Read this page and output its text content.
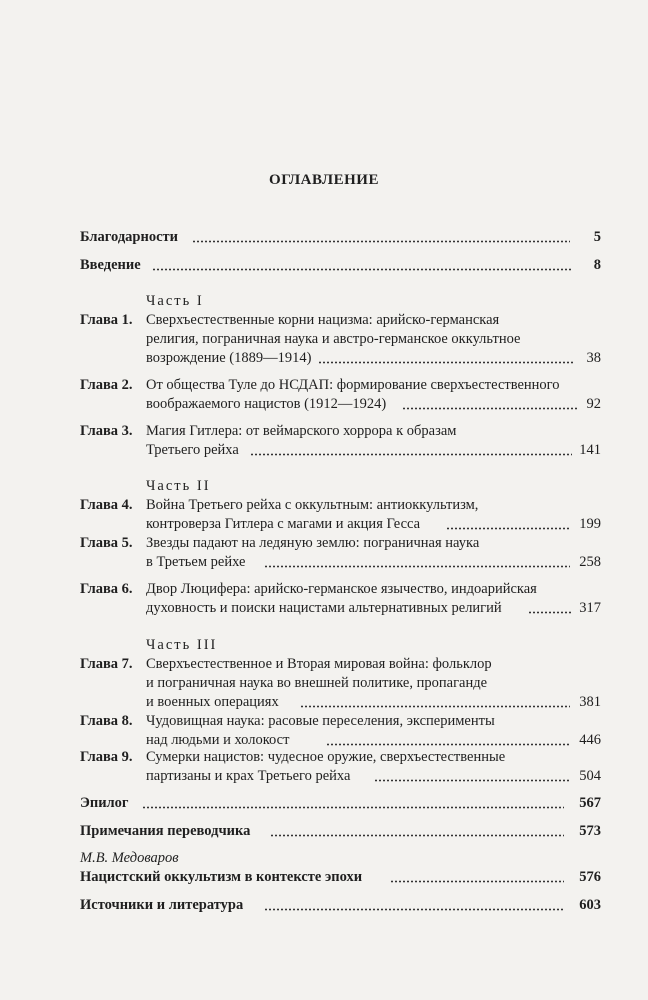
ОГЛАВЛЕНИЕ
Благодарности	5
Введение	8
Часть I
Глава 1. Сверхъестественные корни нацизма: арийско-германская
религия, пограничная наука и австро-германское оккультное
возрождение (1889—1914)	38
Глава 2. От общества Туле до НСДАП: формирование сверхъестественного
воображаемого нацистов (1912—1924)	92
Глава 3. Магия Гитлера: от веймарского хоррора к образам
Третьего рейха	141
Часть II
Глава 4. Война Третьего рейха с оккультным: антиоккультизм,
контроверза Гитлера с магами и акция Гесса	199
Глава 5. Звезды падают на ледяную землю: пограничная наука
в Третьем рейхе	258
Глава 6. Двор Люцифера: арийско-германское язычество, индоарийская
духовность и поиски нацистами альтернативных религий	317
Часть III
Глава 7. Сверхъестественное и Вторая мировая война: фольклор
и пограничная наука во внешней политике, пропаганде
и военных операциях	381
Глава 8. Чудовищная наука: расовые переселения, эксперименты
над людьми и холокост	446
Глава 9. Сумерки нацистов: чудесное оружие, сверхъестественные
партизаны и крах Третьего рейха	504
Эпилог	567
Примечания переводчика	573
М.В. Медоваров
Нацистский оккультизм в контексте эпохи	576
Источники и литература	603
